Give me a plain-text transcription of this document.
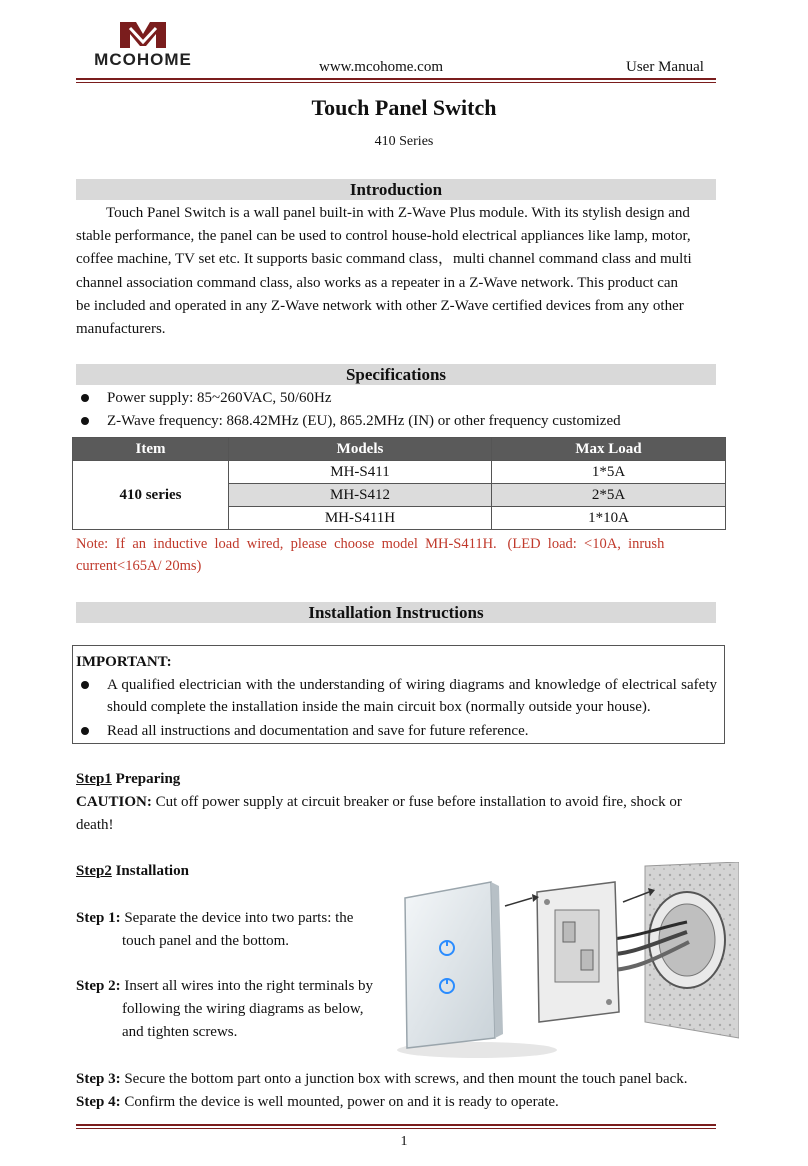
MCOHOME	www.mcohome.com	User Manual
Touch Panel Switch
410 Series
Introduction
Touch Panel Switch is a wall panel built-in with Z-Wave Plus module. With its stylish design and
stable performance, the panel can be used to control house-hold electrical appliances like lamp, motor,
coffee machine, TV set etc. It supports basic command class，multi channel command class and multi
channel association command class, also works as a repeater in a Z-Wave network. This product can
be included and operated in any Z-Wave network with other Z-Wave certified devices from any other
manufacturers.
Specifications
Power supply: 85~260VAC, 50/60Hz
Z-Wave frequency: 868.42MHz (EU), 865.2MHz (IN) or other frequency customized
Item	Models	Max Load
410 series	MH-S411	1*5A
	MH-S412	2*5A
	MH-S411H	1*10A
Note:  If  an  inductive  load  wired,  please  choose  model  MH-S411H.   (LED  load:  <10A,  inrush
current<165A/ 20ms)
Installation Instructions
IMPORTANT:
A qualified electrician with the understanding of wiring diagrams and knowledge of electrical safety should complete the installation inside the main circuit box (normally outside your house).
Read all instructions and documentation and save for future reference.
Step1 Preparing
CAUTION: Cut off power supply at circuit breaker or fuse before installation to avoid fire, shock or
death!
Step2 Installation
Step 1: Separate the device into two parts: the
touch panel and the bottom.
Step 2: Insert all wires into the right terminals by
following the wiring diagrams as below,
and tighten screws.
Step 3: Secure the bottom part onto a junction box with screws, and then mount the touch panel back.
Step 4: Confirm the device is well mounted, power on and it is ready to operate.
1
